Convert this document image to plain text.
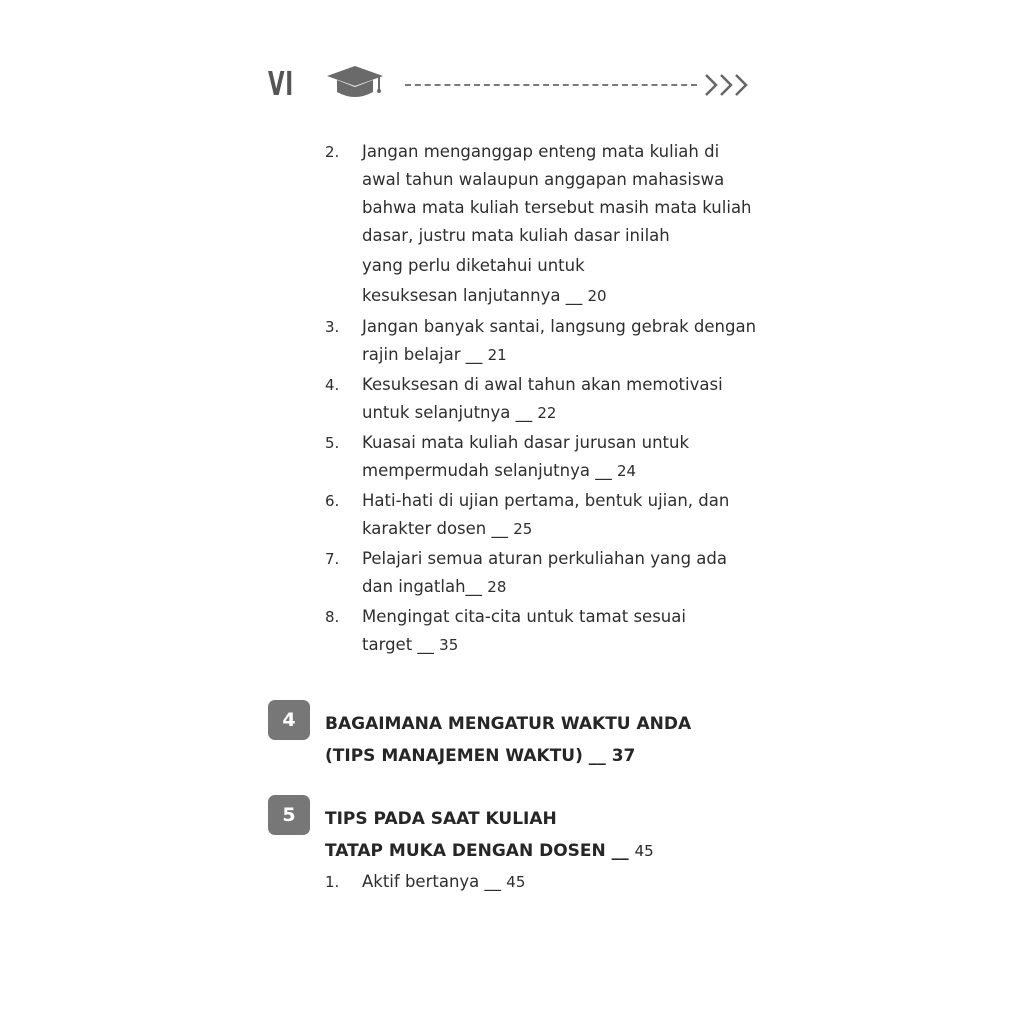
VI
2. Jangan menganggap enteng mata kuliah di
awal tahun walaupun anggapan mahasiswa
bahwa mata kuliah tersebut masih mata kuliah
dasar, justru mata kuliah dasar inilah
yang perlu diketahui untuk
kesuksesan lanjutannya __ 20
3. Jangan banyak santai, langsung gebrak dengan
rajin belajar __ 21
4. Kesuksesan di awal tahun akan memotivasi
untuk selanjutnya __ 22
5. Kuasai mata kuliah dasar jurusan untuk
mempermudah selanjutnya __ 24
6. Hati-hati di ujian pertama, bentuk ujian, dan
karakter dosen __ 25
7. Pelajari semua aturan perkuliahan yang ada
dan ingatlah__ 28
8. Mengingat cita-cita untuk tamat sesuai
target __ 35
4	BAGAIMANA MENGATUR WAKTU ANDA
(TIPS MANAJEMEN WAKTU) __ 37
5	TIPS PADA SAAT KULIAH
TATAP MUKA DENGAN DOSEN __ 45
1. Aktif bertanya __ 45
